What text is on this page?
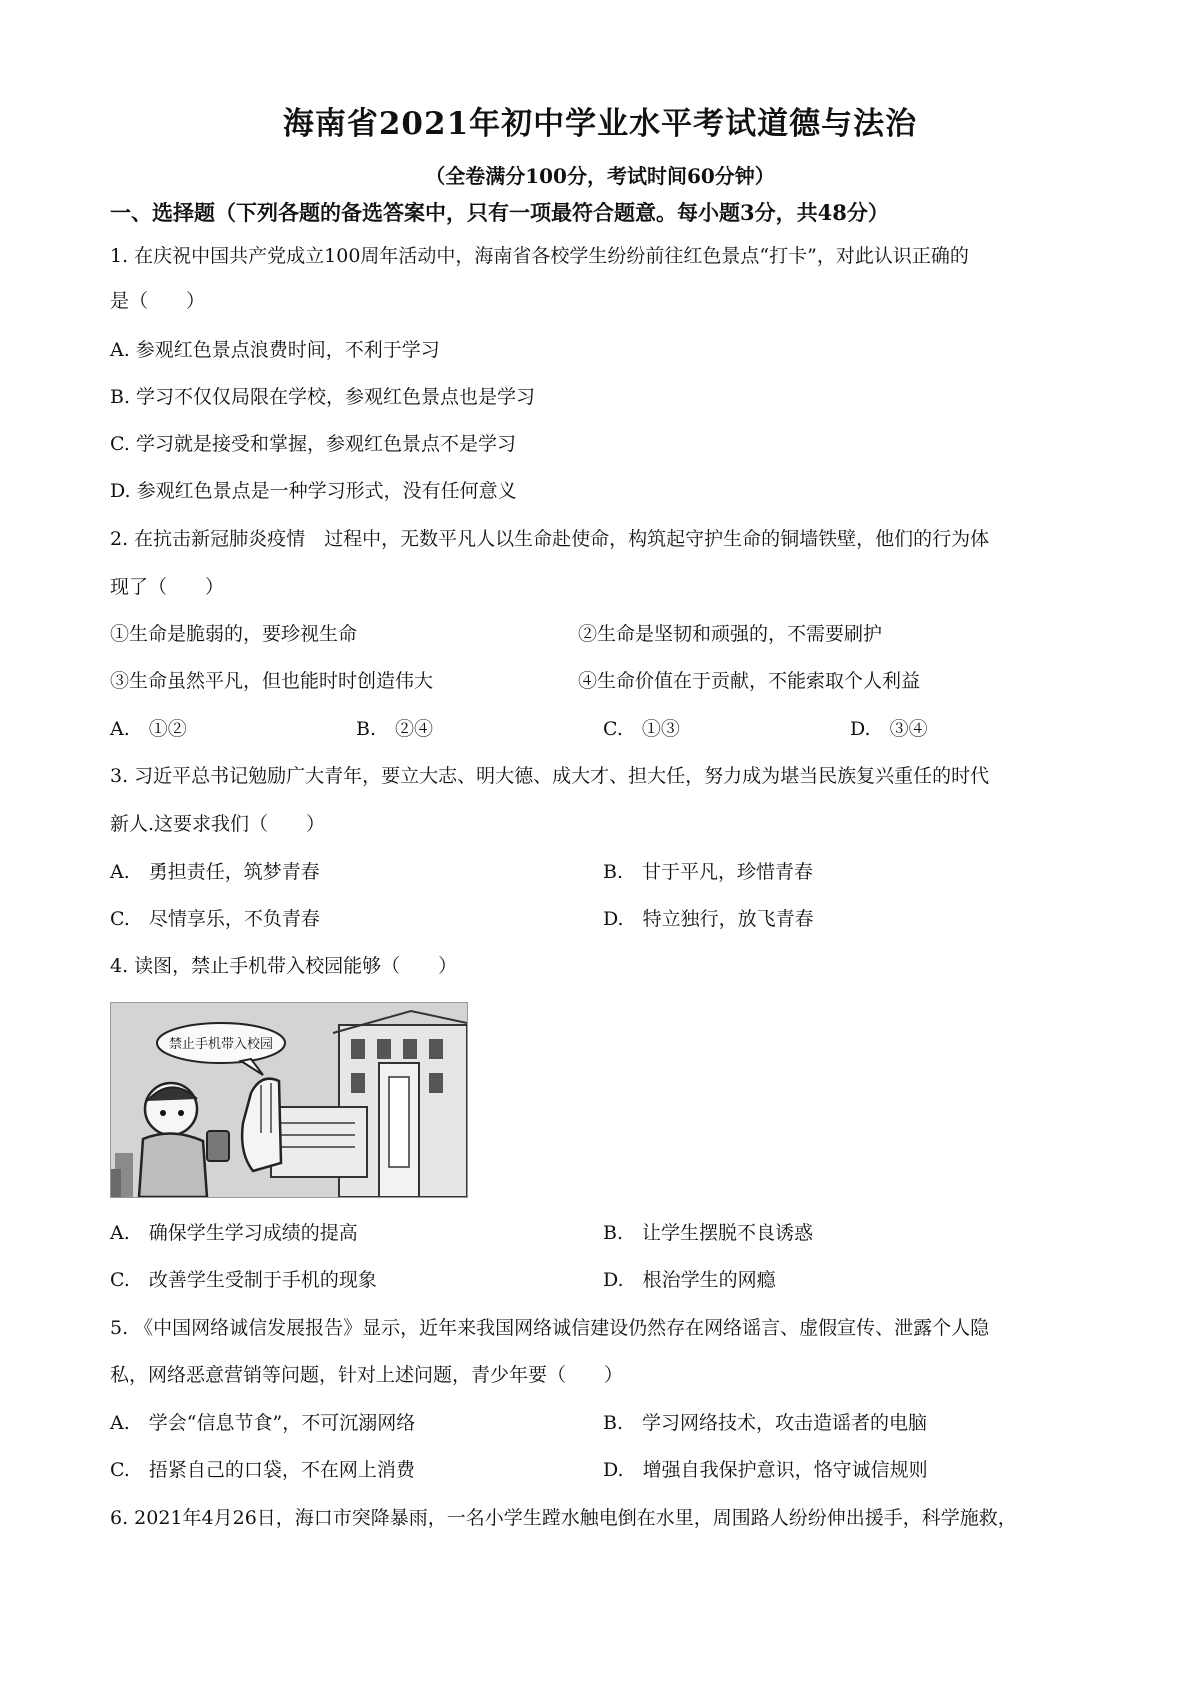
海南省2021年初中学业水平考试道德与法治
（全卷满分100分，考试时间60分钟）
一、选择题（下列各题的备选答案中，只有一项最符合题意。每小题3分，共48分）
1. 在庆祝中国共产党成立100周年活动中，海南省各校学生纷纷前往红色景点“打卡”，对此认识正确的
是（　　）
A. 参观红色景点浪费时间，不利于学习
B. 学习不仅仅局限在学校，参观红色景点也是学习
C. 学习就是接受和掌握，参观红色景点不是学习
D. 参观红色景点是一种学习形式，没有任何意义
2. 在抗击新冠肺炎疫情　过程中，无数平凡人以生命赴使命，构筑起守护生命的铜墙铁壁，他们的行为体
现了（　　）
①生命是脆弱的，要珍视生命	②生命是坚韧和顽强的，不需要刷护
③生命虽然平凡，但也能时时创造伟大	④生命价值在于贡献，不能索取个人利益
A.　①②	B.　②④	C.　①③	D.　③④
3. 习近平总书记勉励广大青年，要立大志、明大德、成大才、担大任，努力成为堪当民族复兴重任的时代
新人.这要求我们（　　）
A.　勇担责任，筑梦青春	B.　甘于平凡，珍惜青春
C.　尽情享乐，不负青春	D.　特立独行，放飞青春
4. 读图，禁止手机带入校园能够（　　）
禁止手机带入校园
A.　确保学生学习成绩的提高	B.　让学生摆脱不良诱惑
C.　改善学生受制于手机的现象	D.　根治学生的网瘾
5. 《中国网络诚信发展报告》显示，近年来我国网络诚信建设仍然存在网络谣言、虚假宣传、泄露个人隐
私，网络恶意营销等问题，针对上述问题，青少年要（　　）
A.　学会“信息节食”，不可沉溺网络	B.　学习网络技术，攻击造谣者的电脑
C.　捂紧自己的口袋，不在网上消费	D.　增强自我保护意识，恪守诚信规则
6. 2021年4月26日，海口市突降暴雨，一名小学生蹚水触电倒在水里，周围路人纷纷伸出援手，科学施救，
